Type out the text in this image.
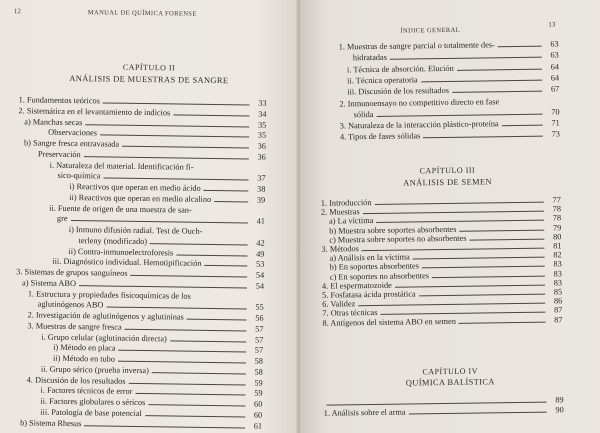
12	MANUAL DE QUÍMICA FORENSE
CAPÍTULO II
ANÁLISIS DE MUESTRAS DE SANGRE
1. Fundamentos teóricos	33
2. Sistemática en el levantamiento de indicios	34
a) Manchas secas	35
Observaciones	35
b) Sangre fresca entravasada	36
Preservación	36
i. Naturaleza del material. Identificación fi-
sico-química	37
i) Reactivos que operan en medio ácido	38
ii) Reactivos que operan en medio alcalino	39
ii. Fuente de origen de una muestra de san-
gre	41
i) Inmuno difusión radial. Test de Ouch-
terleny (modificado)	42
ii) Contra-inmunoelectroforesis	49
iii. Diagnóstico individual. Hemotipificación	53
3. Sistemas de grupos sanguíneos	54
a) Sistema ABO	54
1. Estructura y propiedades fisicoquímicas de los
aglutinógenos ABO	55
2. Investigación de aglutinógenos y aglutininas	56
3. Muestras de sangre fresca	57
i. Grupo celular (aglutinación directa)	57
i) Método en placa	57
ii) Método en tubo	58
ii. Grupo sérico (prueba inversa)	58
4. Discusión de los resultados	59
i. Factores técnicos de error	59
ii. Factores globulares o séricos	60
iii. Patología de base potencial	60
b) Sistema Rhesus	61
ÍNDICE GENERAL
13
1. Muestras de sangre parcial o totalmente des-	63
hidratadas	63
i. Técnica de absorción. Elución	64
ii. Técnica operatoria	64
iii. Discusión de los resultados	67
2. Inmunoensayo no competitivo directo en fase
sólida	70
3. Naturaleza de la interacción plástico-proteína	71
4. Tipos de fases sólidas	73
CAPÍTULO III
ANÁLISIS DE SEMEN
1. Introducción	77
2. Muestras	78
a) La víctima	78
b) Muestra sobre soportes absorbentes	79
c) Muestra sobre soportes no absorbentes	80
3. Métodos	81
a) Análisis en la víctima	82
b) En soportes absorbentes	83
c) En soportes no absorbentes	83
4. El espermatozoide	83
5. Fosfatasa ácida prostática	85
6. Validez	86
7. Otras técnicas	87
8. Antígenos del sistema ABO en semen	87
CAPÍTULO IV
QUÍMICA BALÍSTICA
89
1. Análisis sobre el arma	90
